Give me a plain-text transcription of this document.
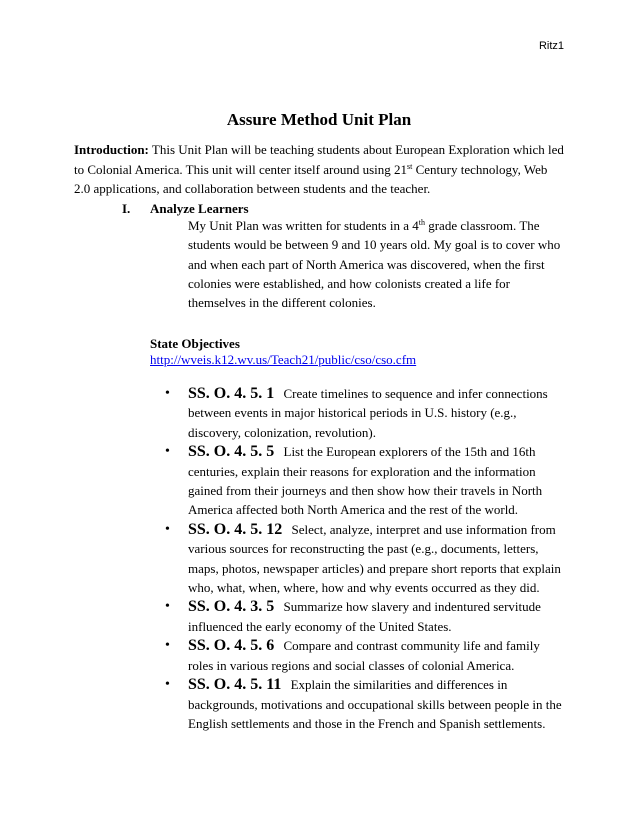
Ritz1
Assure Method Unit Plan

Introduction: This Unit Plan will be teaching students about European Exploration which led to Colonial America. This unit will center itself around using 21st Century technology, Web 2.0 applications, and collaboration between students and the teacher.

I. Analyze Learners

My Unit Plan was written for students in a 4th grade classroom. The students would be between 9 and 10 years old. My goal is to cover who and when each part of North America was discovered, when the first colonies were established, and how colonists created a life for themselves in the different colonies.

State Objectives
http://wveis.k12.wv.us/Teach21/public/cso/cso.cfm
• SS. O. 4. 5. 1 Create timelines to sequence and infer connections between events in major historical periods in U.S. history (e.g., discovery, colonization, revolution).
• SS. O. 4. 5. 5 List the European explorers of the 15th and 16th centuries, explain their reasons for exploration and the information gained from their journeys and then show how their travels in North America affected both North America and the rest of the world.
• SS. O. 4. 5. 12 Select, analyze, interpret and use information from various sources for reconstructing the past (e.g., documents, letters, maps, photos, newspaper articles) and prepare short reports that explain who, what, when, where, how and why events occurred as they did.
• SS. O. 4. 3. 5 Summarize how slavery and indentured servitude influenced the early economy of the United States.
• SS. O. 4. 5. 6 Compare and contrast community life and family roles in various regions and social classes of colonial America.
• SS. O. 4. 5. 11 Explain the similarities and differences in backgrounds, motivations and occupational skills between people in the English settlements and those in the French and Spanish settlements.
